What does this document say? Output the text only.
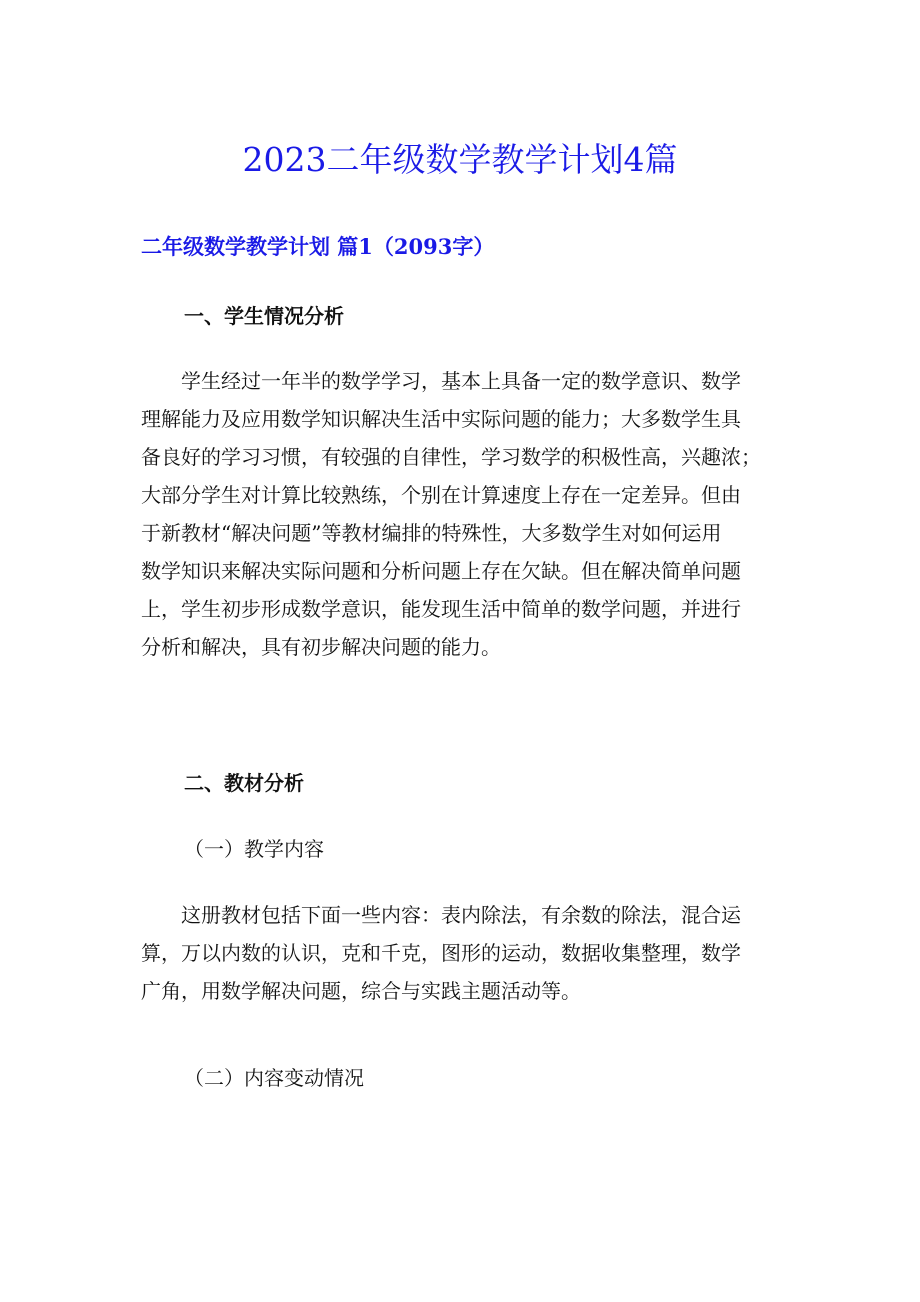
2023二年级数学教学计划4篇
二年级数学教学计划 篇1（2093字）
一、学生情况分析
　　学生经过一年半的数学学习，基本上具备一定的数学意识、数学
理解能力及应用数学知识解决生活中实际问题的能力；大多数学生具
备良好的学习习惯，有较强的自律性，学习数学的积极性高，兴趣浓；
大部分学生对计算比较熟练，个别在计算速度上存在一定差异。但由
于新教材“解决问题”等教材编排的特殊性，大多数学生对如何运用
数学知识来解决实际问题和分析问题上存在欠缺。但在解决简单问题
上，学生初步形成数学意识，能发现生活中简单的数学问题，并进行
分析和解决，具有初步解决问题的能力。
二、教材分析
（一）教学内容
　　这册教材包括下面一些内容：表内除法，有余数的除法，混合运
算，万以内数的认识，克和千克，图形的运动，数据收集整理，数学
广角，用数学解决问题，综合与实践主题活动等。
（二）内容变动情况
